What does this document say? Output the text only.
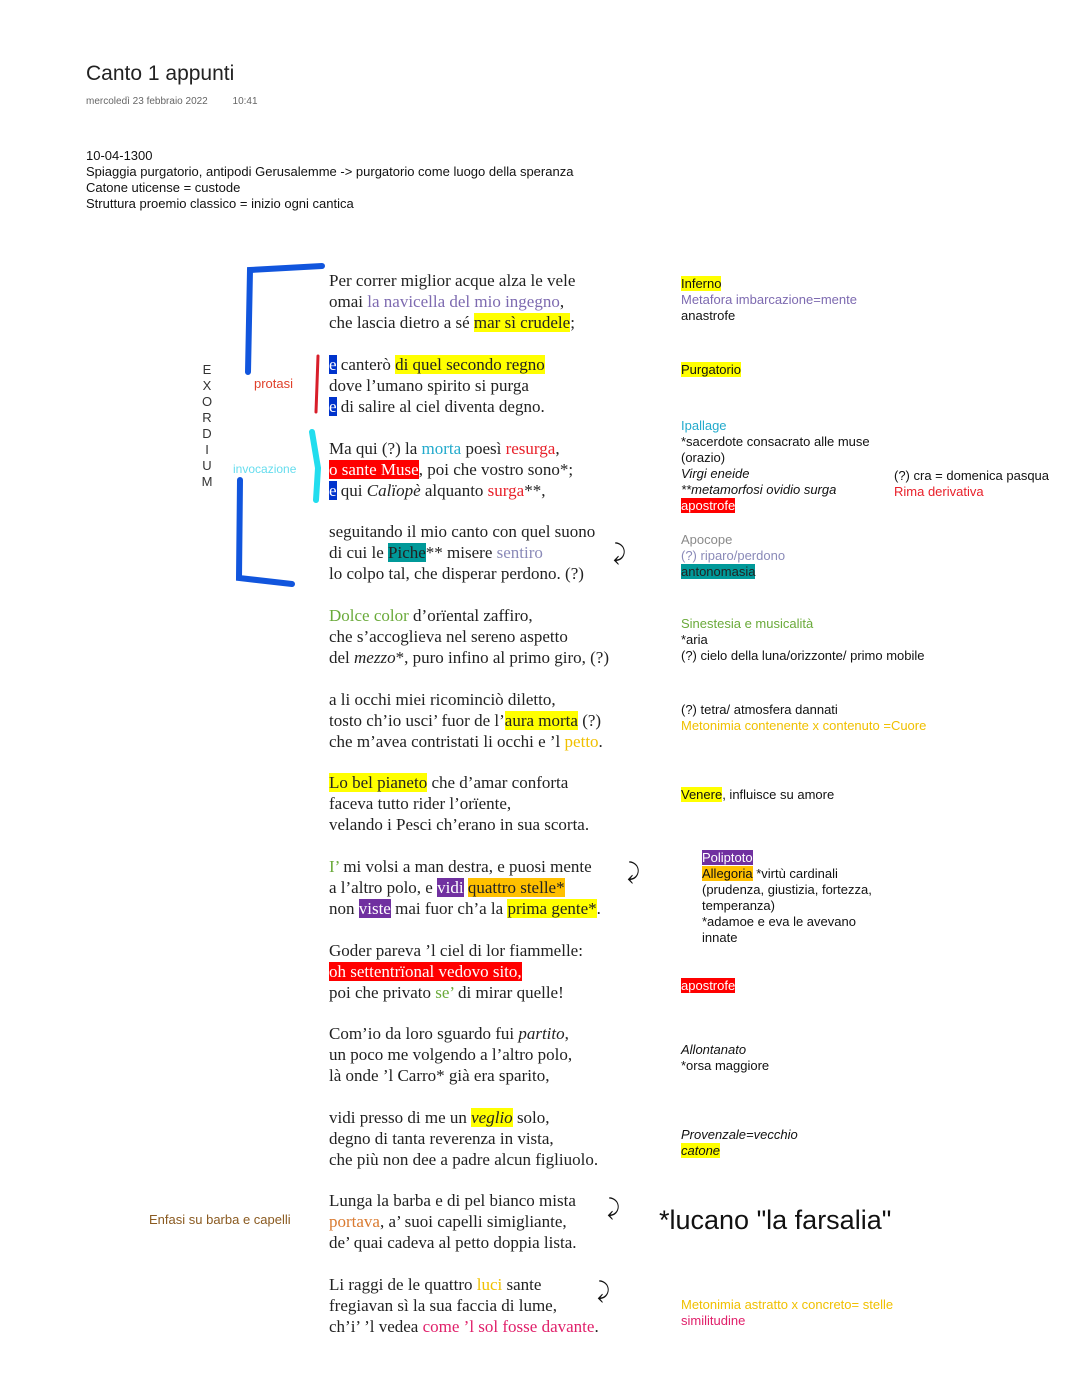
Canto 1 appunti
mercoledì 23 febbraio 2022 10:41
10-04-1300
Spiaggia purgatorio, antipodi Gerusalemme -> purgatorio come luogo della speranza
Catone uticense = custode
Struttura proemio classico = inizio ogni cantica
E
X
O
R
D
I
U
M
protasi
invocazione
Enfasi su barba e capelli
Per correr miglior acque alza le vele
omai la navicella del mio ingegno,
che lascia dietro a sé mar sì crudele;
e canterò di quel secondo regno
dove l’umano spirito si purga
e di salire al ciel diventa degno.
Ma qui (?) la morta poesì resurga,
o sante Muse, poi che vostro sono*;
e qui Calïopè alquanto surga**,
seguitando il mio canto con quel suono
di cui le Piche** misere sentiro
lo colpo tal, che disperar perdono. (?)
⤸
Dolce color d’orïental zaffiro,
che s’accoglieva nel sereno aspetto
del mezzo*, puro infino al primo giro, (?)
a li occhi miei ricominciò diletto,
tosto ch’io usci’ fuor de l’aura morta (?)
che m’avea contristati li occhi e ’l petto.
Lo bel pianeto che d’amar conforta
faceva tutto rider l’orïente,
velando i Pesci ch’erano in sua scorta.
I’ mi volsi a man destra, e puosi mente
a l’altro polo, e vidi quattro stelle*
non viste mai fuor ch’a la prima gente*.
⤸
Goder pareva ’l ciel di lor fiammelle:
oh settentrïonal vedovo sito,
poi che privato se’ di mirar quelle!
Com’io da loro sguardo fui partito,
un poco me volgendo a l’altro polo,
là onde ’l Carro* già era sparito,
vidi presso di me un veglio solo,
degno di tanta reverenza in vista,
che più non dee a padre alcun figliuolo.
Lunga la barba e di pel bianco mista
portava, a’ suoi capelli simigliante,
de’ quai cadeva al petto doppia lista.
⤸
Li raggi de le quattro luci sante
fregiavan sì la sua faccia di lume,
ch’i’ ’l vedea come ’l sol fosse davante.
⤸
Inferno
Metafora imbarcazione=mente
anastrofe
Purgatorio
Ipallage
*sacerdote consacrato alle muse
(orazio)
Virgi eneide
**metamorfosi ovidio surga
apostrofe
(?) cra = domenica pasqua
Rima derivativa
Apocope
(?) riparo/perdono
antonomasia
Sinestesia e musicalità
*aria
(?) cielo della luna/orizzonte/ primo mobile
(?) tetra/ atmosfera dannati
Metonimia contenente x contenuto =Cuore
Venere, influisce su amore
Poliptoto
Allegoria *virtù cardinali
(prudenza, giustizia, fortezza,
temperanza)
*adamoe e eva le avevano
innate
apostrofe
Allontanato
*orsa maggiore
Provenzale=vecchio
catone
*lucano "la farsalia"
Metonimia astratto x concreto= stelle
similitudine
